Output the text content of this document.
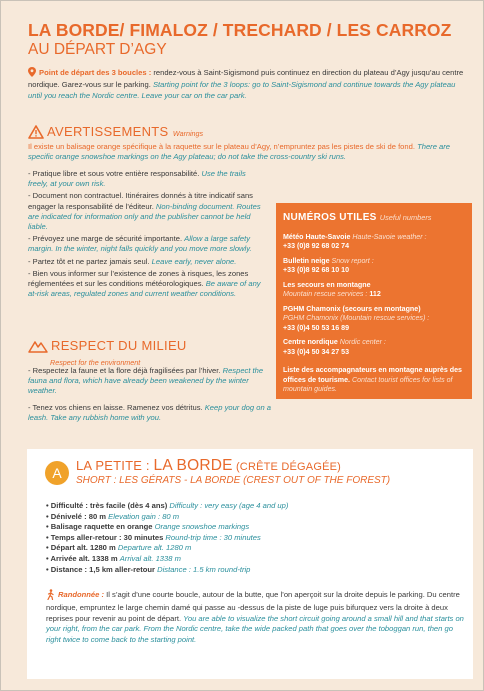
LA BORDE/ FIMALOZ / TRECHARD / LES CARROZ
AU DÉPART D’AGY
Point de départ des 3 boucles : rendez-vous à Saint-Sigismond puis continuez en direction du plateau d’Agy jusqu’au centre nordique. Garez-vous sur le parking. Starting point for the 3 loops: go to Saint-Sigismond and continue towards the Agy plateau until you reach the Nordic centre. Leave your car on the car park.
AVERTISSEMENTS Warnings
Il existe un balisage orange spécifique à la raquette sur le plateau d’Agy, n’empruntez pas les pistes de ski de fond. There are specific orange snowshoe markings on the Agy plateau; do not take the cross-country ski runs.
- Pratique libre et sous votre entière responsabilité. Use the trails freely, at your own risk.
- Document non contractuel. Itinéraires donnés à titre indicatif sans engager la responsabilité de l’éditeur. Non-binding document. Routes are indicated for information only and the publisher cannot be held liable.
- Prévoyez une marge de sécurité importante. Allow a large safety margin. In the winter, night falls quickly and you move more slowly.
- Partez tôt et ne partez jamais seul. Leave early, never alone.
- Bien vous informer sur l’existence de zones à risques, les zones réglementées et sur les conditions météorologiques. Be aware of any at-risk areas, regulated zones and current weather conditions.
NUMÉROS UTILES Useful numbers
Météo Haute-Savoie Haute-Savoie weather :
+33 (0)8 92 68 02 74
Bulletin neige Snow report :
+33 (0)8 92 68 10 10
Les secours en montagne
Mountain rescue services : 112
PGHM Chamonix (secours en montagne)
PGHM Chamonix (Mountain rescue services) :
+33 (0)4 50 53 16 89
Centre nordique Nordic center :
+33 (0)4 50 34 27 53
Liste des accompagnateurs en montagne auprès des offices de tourisme. Contact tourist offices for lists of mountain guides.
RESPECT DU MILIEU
Respect for the environment
- Respectez la faune et la flore déjà fragilisées par l’hiver. Respect the fauna and flora, which have already been weakened by the winter weather.
- Tenez vos chiens en laisse. Ramenez vos détritus. Keep your dog on a leash. Take any rubbish home with you.
A	LA PETITE : LA BORDE (CRÊTE DÉGAGÉE)
SHORT : LES GÉRATS - LA BORDE (CREST OUT OF THE FOREST)
• Difficulté : très facile (dès 4 ans) Difficulty : very easy (age 4 and up)
• Dénivelé : 80 m Elevation gain : 80 m
• Balisage raquette en orange Orange snowshoe markings
• Temps aller-retour : 30 minutes Round-trip time : 30 minutes
• Départ alt. 1280 m Departure alt. 1280 m
• Arrivée alt. 1338 m Arrival alt. 1338 m
• Distance : 1,5 km aller-retour Distance : 1.5 km round-trip
Randonnée : Il s’agit d’une courte boucle, autour de la butte, que l’on aperçoit sur la droite depuis le parking. Du centre nordique, empruntez le large chemin damé qui passe au -dessus de la piste de luge puis bifurquez vers la droite à deux reprises pour revenir au point de départ. You are able to visualize the short circuit going around a small hill and that starts on your right, from the car park. From the Nordic centre, take the wide packed path that goes over the toboggan run, then go right twice to come back to the starting point.
